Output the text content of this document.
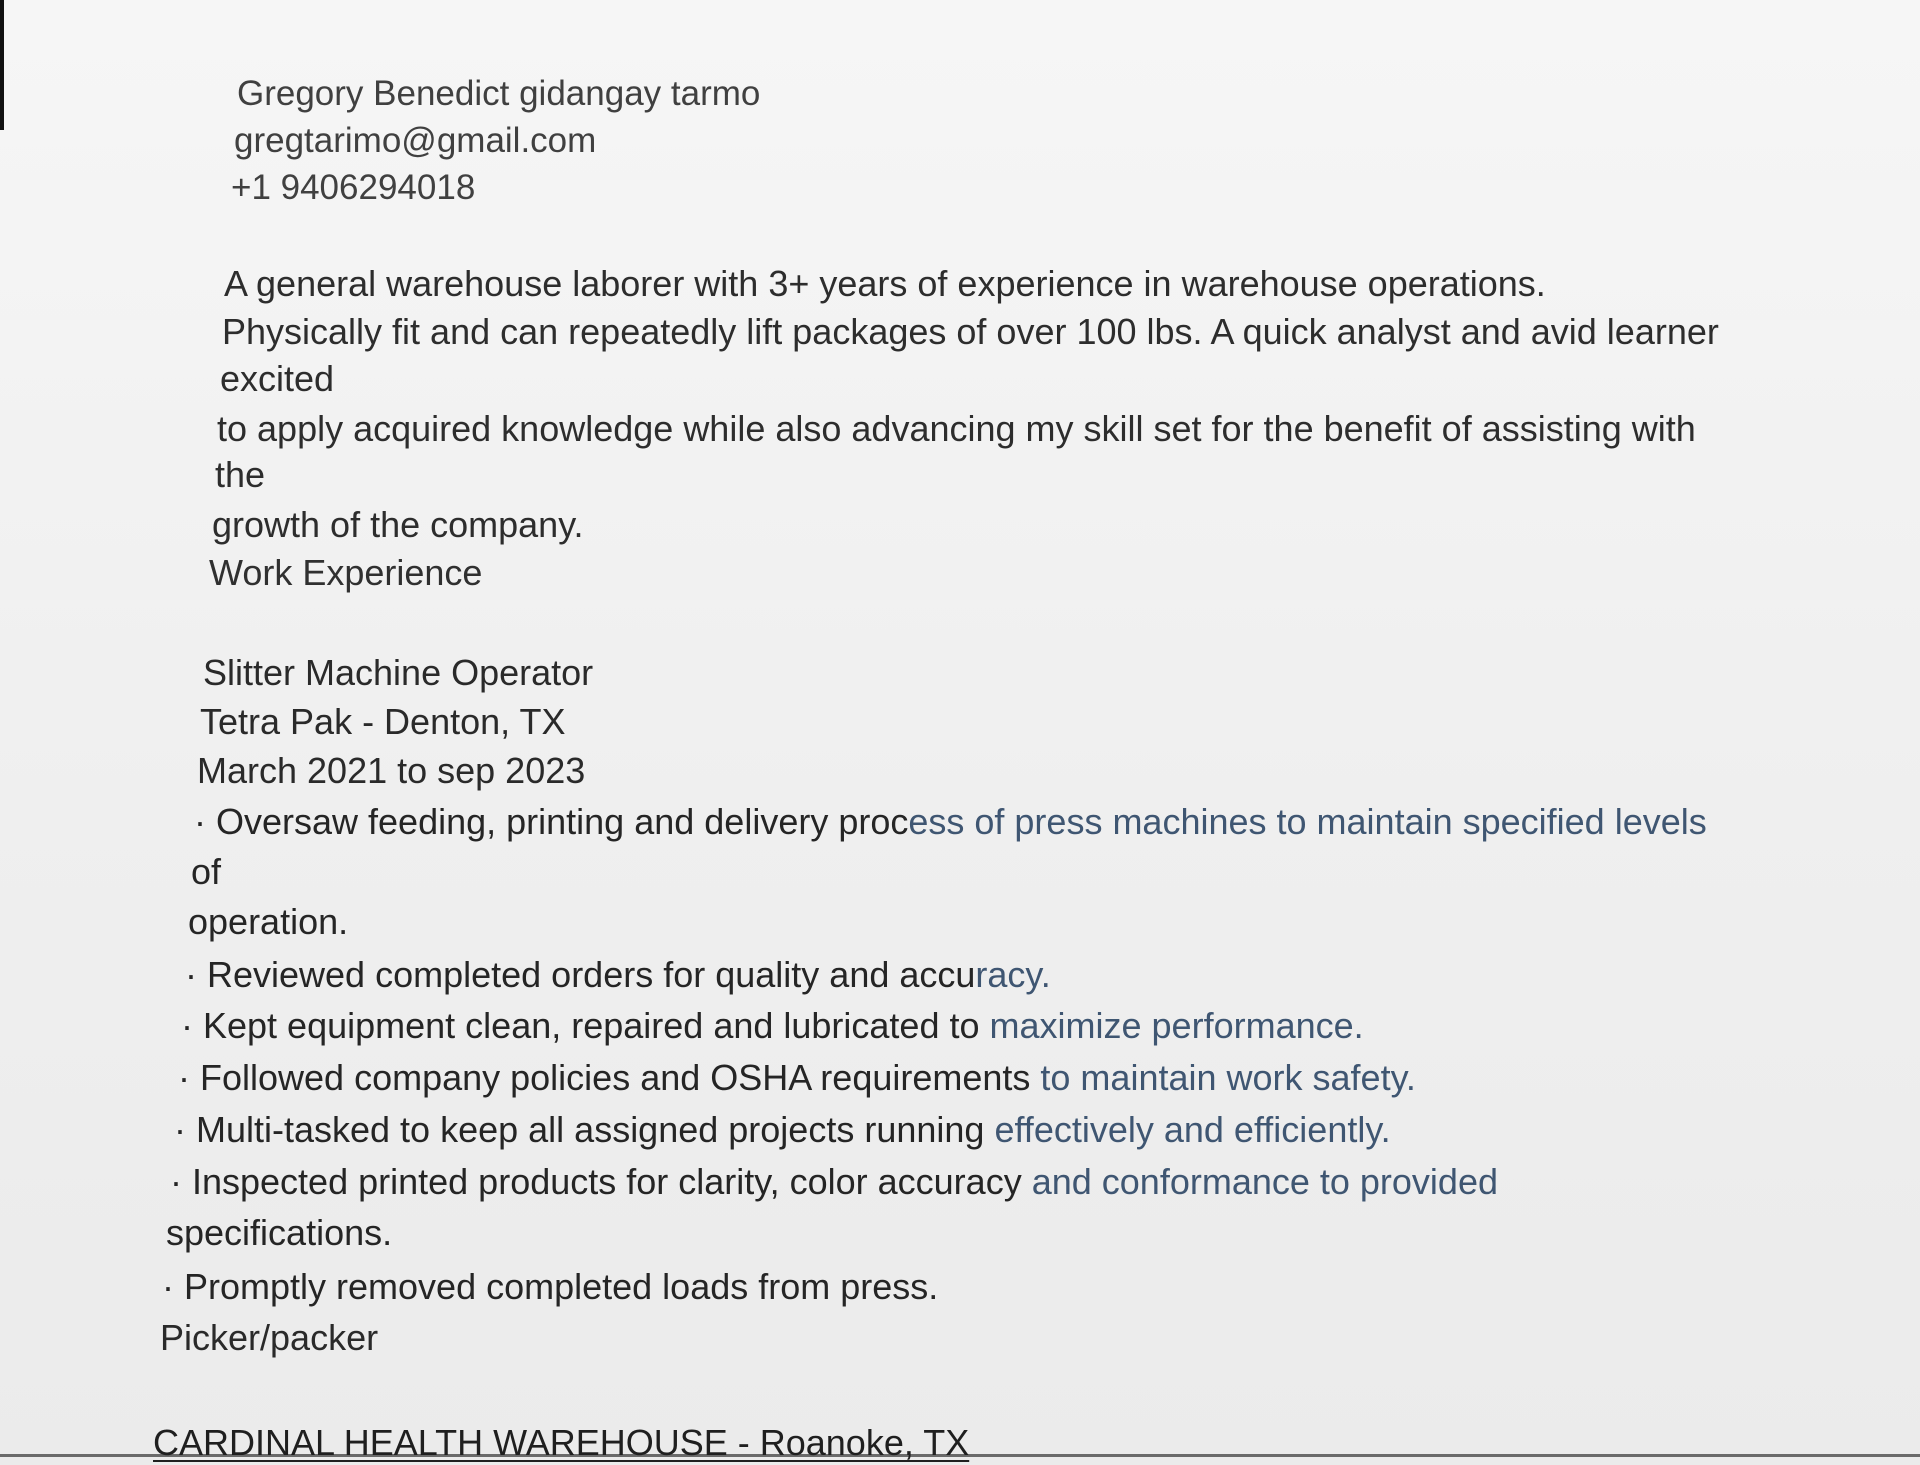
Gregory Benedict gidangay tarmo
gregtarimo@gmail.com
+1 9406294018
A general warehouse laborer with 3+ years of experience in warehouse operations.
Physically fit and can repeatedly lift packages of over 100 lbs. A quick analyst and avid learner
excited
to apply acquired knowledge while also advancing my skill set for the benefit of assisting with
the
growth of the company.
Work Experience
Slitter Machine Operator
Tetra Pak - Denton, TX
March 2021 to sep 2023
· Oversaw feeding, printing and delivery process of press machines to maintain specified levels
of
operation.
· Reviewed completed orders for quality and accuracy.
· Kept equipment clean, repaired and lubricated to maximize performance.
· Followed company policies and OSHA requirements to maintain work safety.
· Multi-tasked to keep all assigned projects running effectively and efficiently.
· Inspected printed products for clarity, color accuracy and conformance to provided
specifications.
· Promptly removed completed loads from press.
Picker/packer
CARDINAL HEALTH WAREHOUSE - Roanoke, TX
